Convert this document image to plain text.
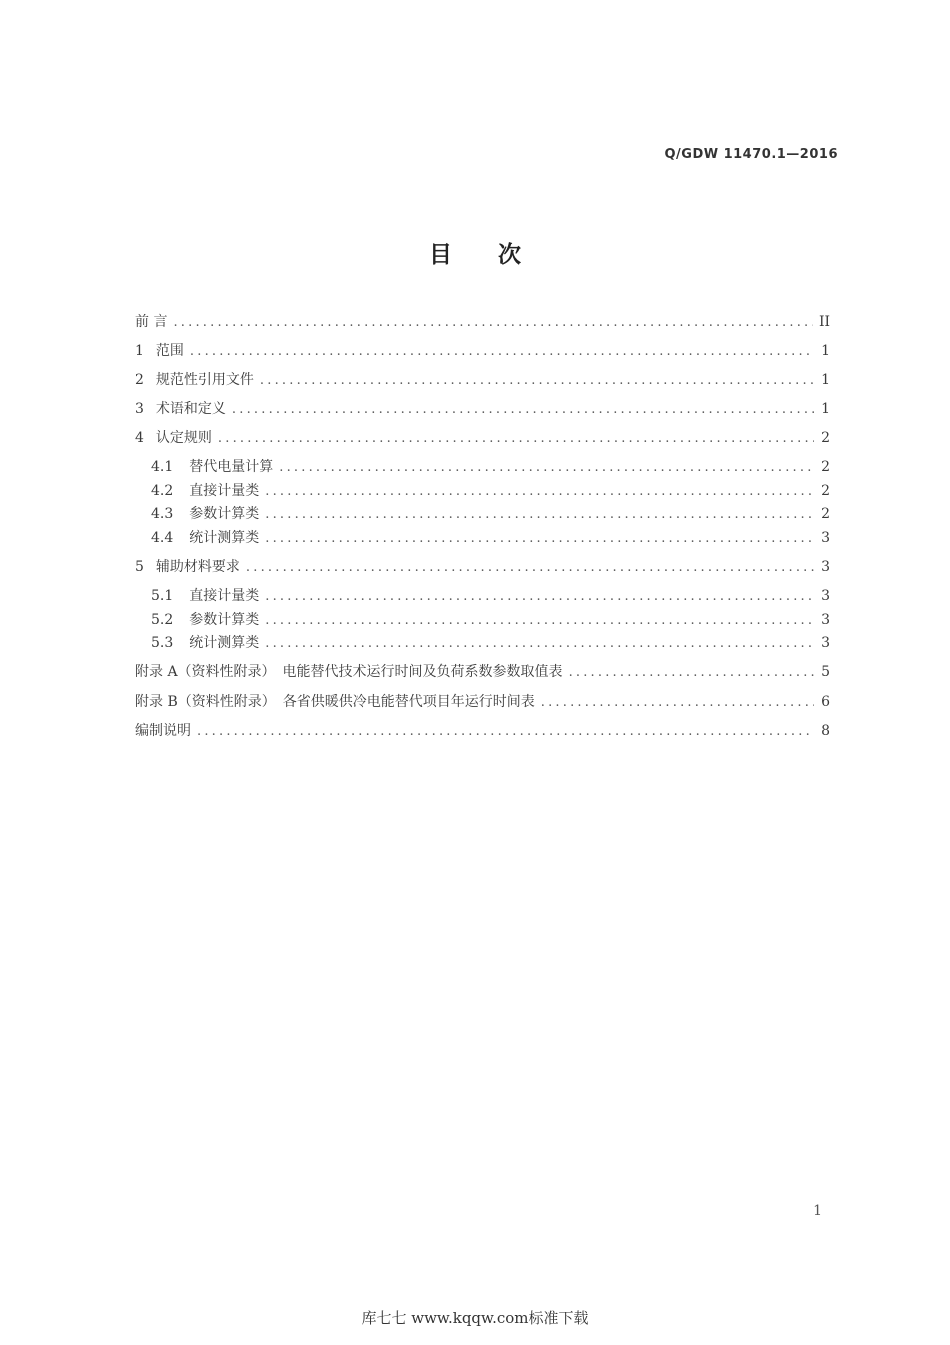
Q/GDW 11470.1—2016
目次
前 言 .....	II
1 范围 .....	1
2 规范性引用文件 .....	1
3 术语和定义 .....	1
4 认定规则 .....	2
4.1 替代电量计算 .....	2
4.2 直接计量类 .....	2
4.3 参数计算类 .....	2
4.4 统计测算类 .....	3
5 辅助材料要求 .....	3
5.1 直接计量类 .....	3
5.2 参数计算类 .....	3
5.3 统计测算类 .....	3
附录 A（资料性附录）　电能替代技术运行时间及负荷系数参数取值表 .....	5
附录 B（资料性附录）　各省供暖供冷电能替代项目年运行时间表 .....	6
编制说明 .....	8
1
库七七 www.kqqw.com标准下载
